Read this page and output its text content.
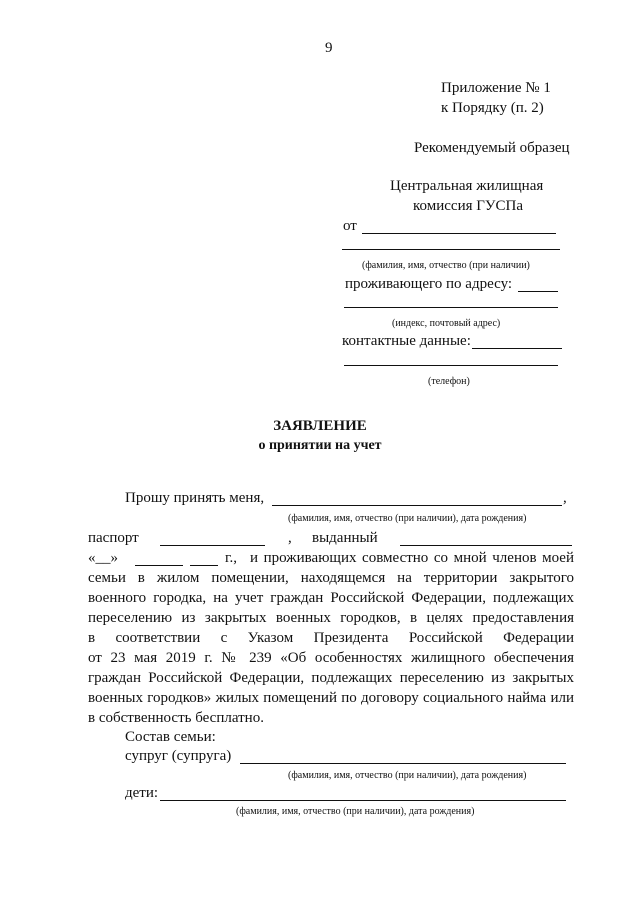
9
Приложение № 1
к Порядку (п. 2)
Рекомендуемый образец
Центральная жилищная
комиссия ГУСПа
от
(фамилия, имя, отчество (при наличии)
проживающего по адресу:
(индекс, почтовый адрес)
контактные данные:
(телефон)
ЗАЯВЛЕНИЕ
о принятии на учет
Прошу принять меня,	,
(фамилия, имя, отчество (при наличии), дата рождения)
паспорт	, выданный
«__»	г., и проживающих совместно со мной членов моей
семьи в жилом помещении, находящемся на территории закрытого
военного городка, на учет граждан Российской Федерации, подлежащих
переселению из закрытых военных городков, в целях предоставления
в соответствии с Указом Президента Российской Федерации
от 23 мая 2019 г. № 239 «Об особенностях жилищного обеспечения
граждан Российской Федерации, подлежащих переселению из закрытых
военных городков» жилых помещений по договору социального найма или
в собственность бесплатно.
Состав семьи:
супруг (супруга)
(фамилия, имя, отчество (при наличии), дата рождения)
дети:
(фамилия, имя, отчество (при наличии), дата рождения)
